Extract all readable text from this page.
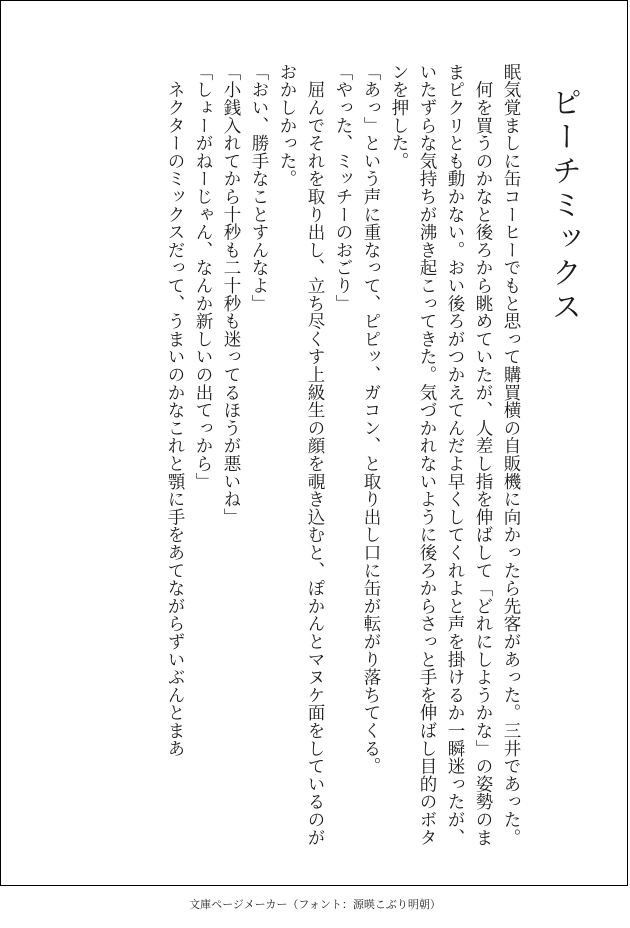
ピーチミックス

眠気覚ましに缶コーヒーでもと思って購買横の自販機に向かったら先客があった。三井であった。

　何を買うのかなと後ろから眺めていたが、人差し指を伸ばして「どれにしようかな」の姿勢のままピクリとも動かない。おい後ろがつかえてんだよ早くしてくれよと声を掛けるか一瞬迷ったが、いたずらな気持ちが沸き起こってきた。気づかれないように後ろからさっと手を伸ばし目的のボタンを押した。

「あっ」という声に重なって、ピピッ、ガコン、と取り出し口に缶が転がり落ちてくる。

「やった、ミッチーのおごり」

　屈んでそれを取り出し、立ち尽くす上級生の顔を覗き込むと、ぽかんとマヌケ面をしているのがおかしかった。

「おい、勝手なことすんなよ」

「小銭入れてから十秒も二十秒も迷ってるほうが悪いね」

「しょーがねーじゃん、なんか新しいの出てっから」

　ネクターのミックスだって、うまいのかなこれと顎に手をあてながらずいぶんとまあ

文庫ページメーカー（フォント：源暎こぶり明朝）
